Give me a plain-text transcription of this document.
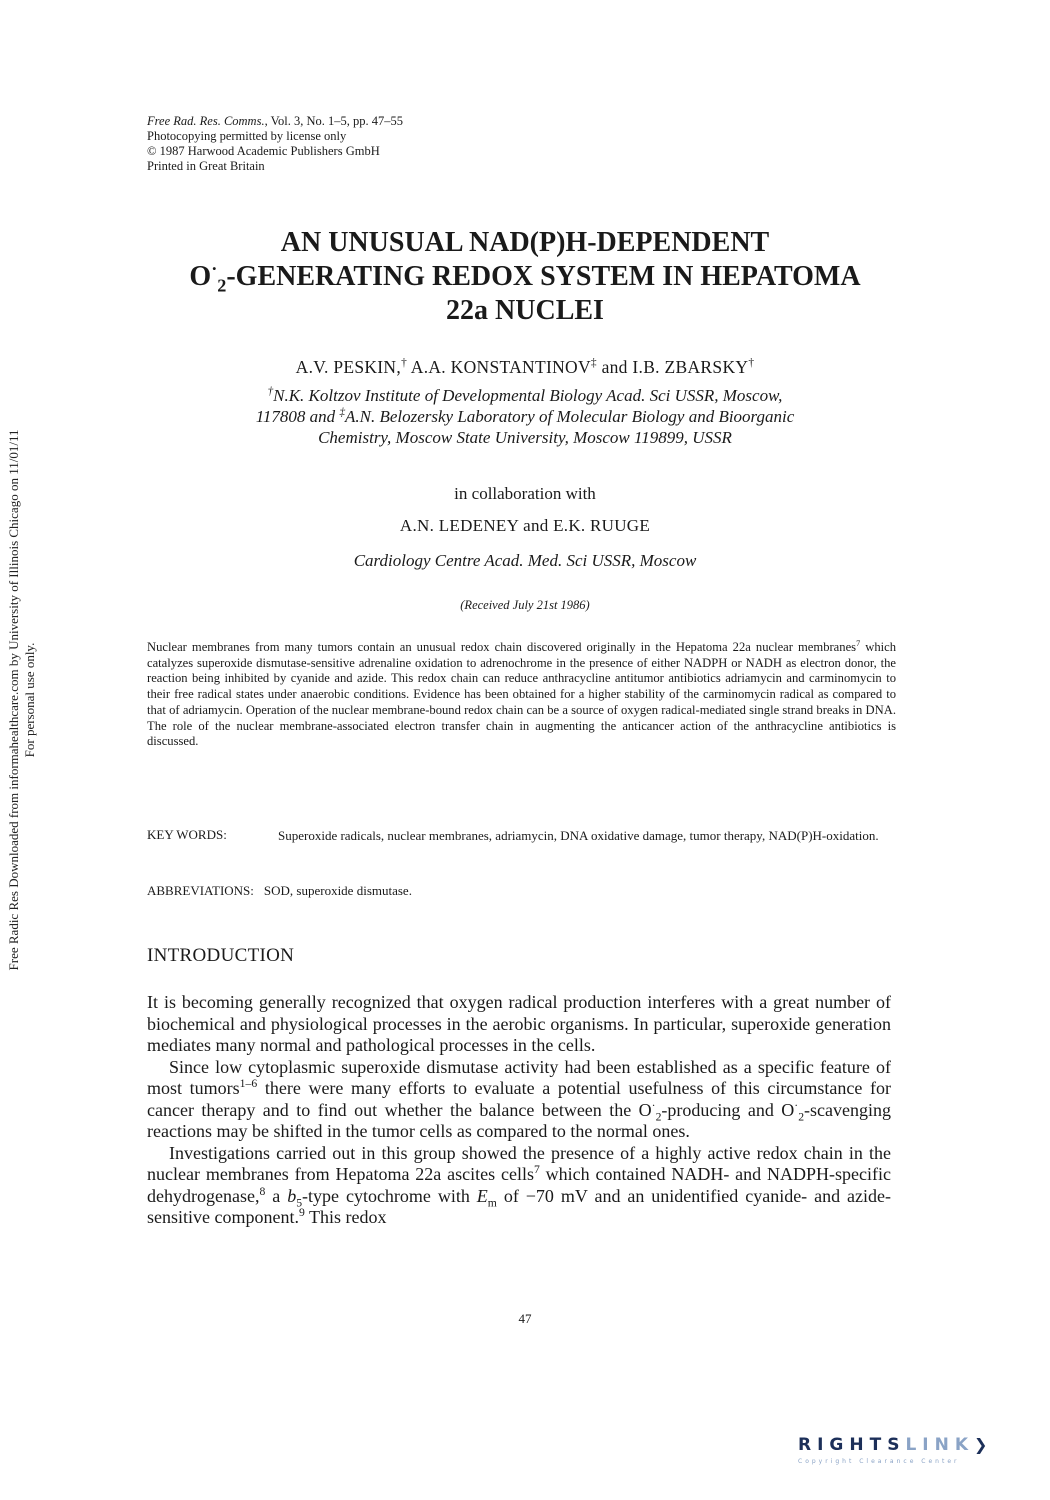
Free Rad. Res. Comms., Vol. 3, No. 1–5, pp. 47–55
Photocopying permitted by license only
© 1987 Harwood Academic Publishers GmbH
Printed in Great Britain
AN UNUSUAL NAD(P)H-DEPENDENT
$O^\cdot_2$-GENERATING REDOX SYSTEM IN HEPATOMA
22a NUCLEI
A.V. PESKIN,† A.A. KONSTANTINOV‡ and I.B. ZBARSKY†
†N.K. Koltzov Institute of Developmental Biology Acad. Sci USSR, Moscow,
117808 and ‡A.N. Belozersky Laboratory of Molecular Biology and Bioorganic
Chemistry, Moscow State University, Moscow 119899, USSR
in collaboration with
A.N. LEDENEY and E.K. RUUGE
Cardiology Centre Acad. Med. Sci USSR, Moscow
(Received July 21st 1986)
Nuclear membranes from many tumors contain an unusual redox chain discovered originally in the Hepatoma 22a nuclear membranes$^7$ which catalyzes superoxide dismutase-sensitive adrenaline oxidation to adrenochrome in the presence of either NADPH or NADH as electron donor, the reaction being inhibited by cyanide and azide. This redox chain can reduce anthracycline antitumor antibiotics adriamycin and carminomycin to their free radical states under anaerobic conditions. Evidence has been obtained for a higher stability of the carminomycin radical as compared to that of adriamycin. Operation of the nuclear membrane-bound redox chain can be a source of oxygen radical-mediated single strand breaks in DNA. The role of the nuclear membrane-associated electron transfer chain in augmenting the anticancer action of the anthracycline antibiotics is discussed.
KEY WORDS:	Superoxide radicals, nuclear membranes, adriamycin, DNA oxidative damage, tumor therapy, NAD(P)H-oxidation.
ABBREVIATIONS: SOD, superoxide dismutase.
INTRODUCTION

It is becoming generally recognized that oxygen radical production interferes with a great number of biochemical and physiological processes in the aerobic organisms. In particular, superoxide generation mediates many normal and pathological processes in the cells.

Since low cytoplasmic superoxide dismutase activity had been established as a specific feature of most tumors$^{1-6}$ there were many efforts to evaluate a potential usefulness of this circumstance for cancer therapy and to find out whether the balance between the $O^\cdot_2$-producing and $O^\cdot_2$-scavenging reactions may be shifted in the tumor cells as compared to the normal ones.

Investigations carried out in this group showed the presence of a highly active redox chain in the nuclear membranes from Hepatoma 22a ascites cells$^7$ which contained NADH- and NADPH-specific dehydrogenase,$^8$ a $b_5$-type cytochrome with $E_m$ of −70 mV and an unidentified cyanide- and azide-sensitive component.$^9$ This redox

47
Free Radic Res Downloaded from informahealthcare.com by University of Illinois Chicago on 11/01/11 For personal use only.
RIGHTSLINK❯
Copyright Clearance Center
